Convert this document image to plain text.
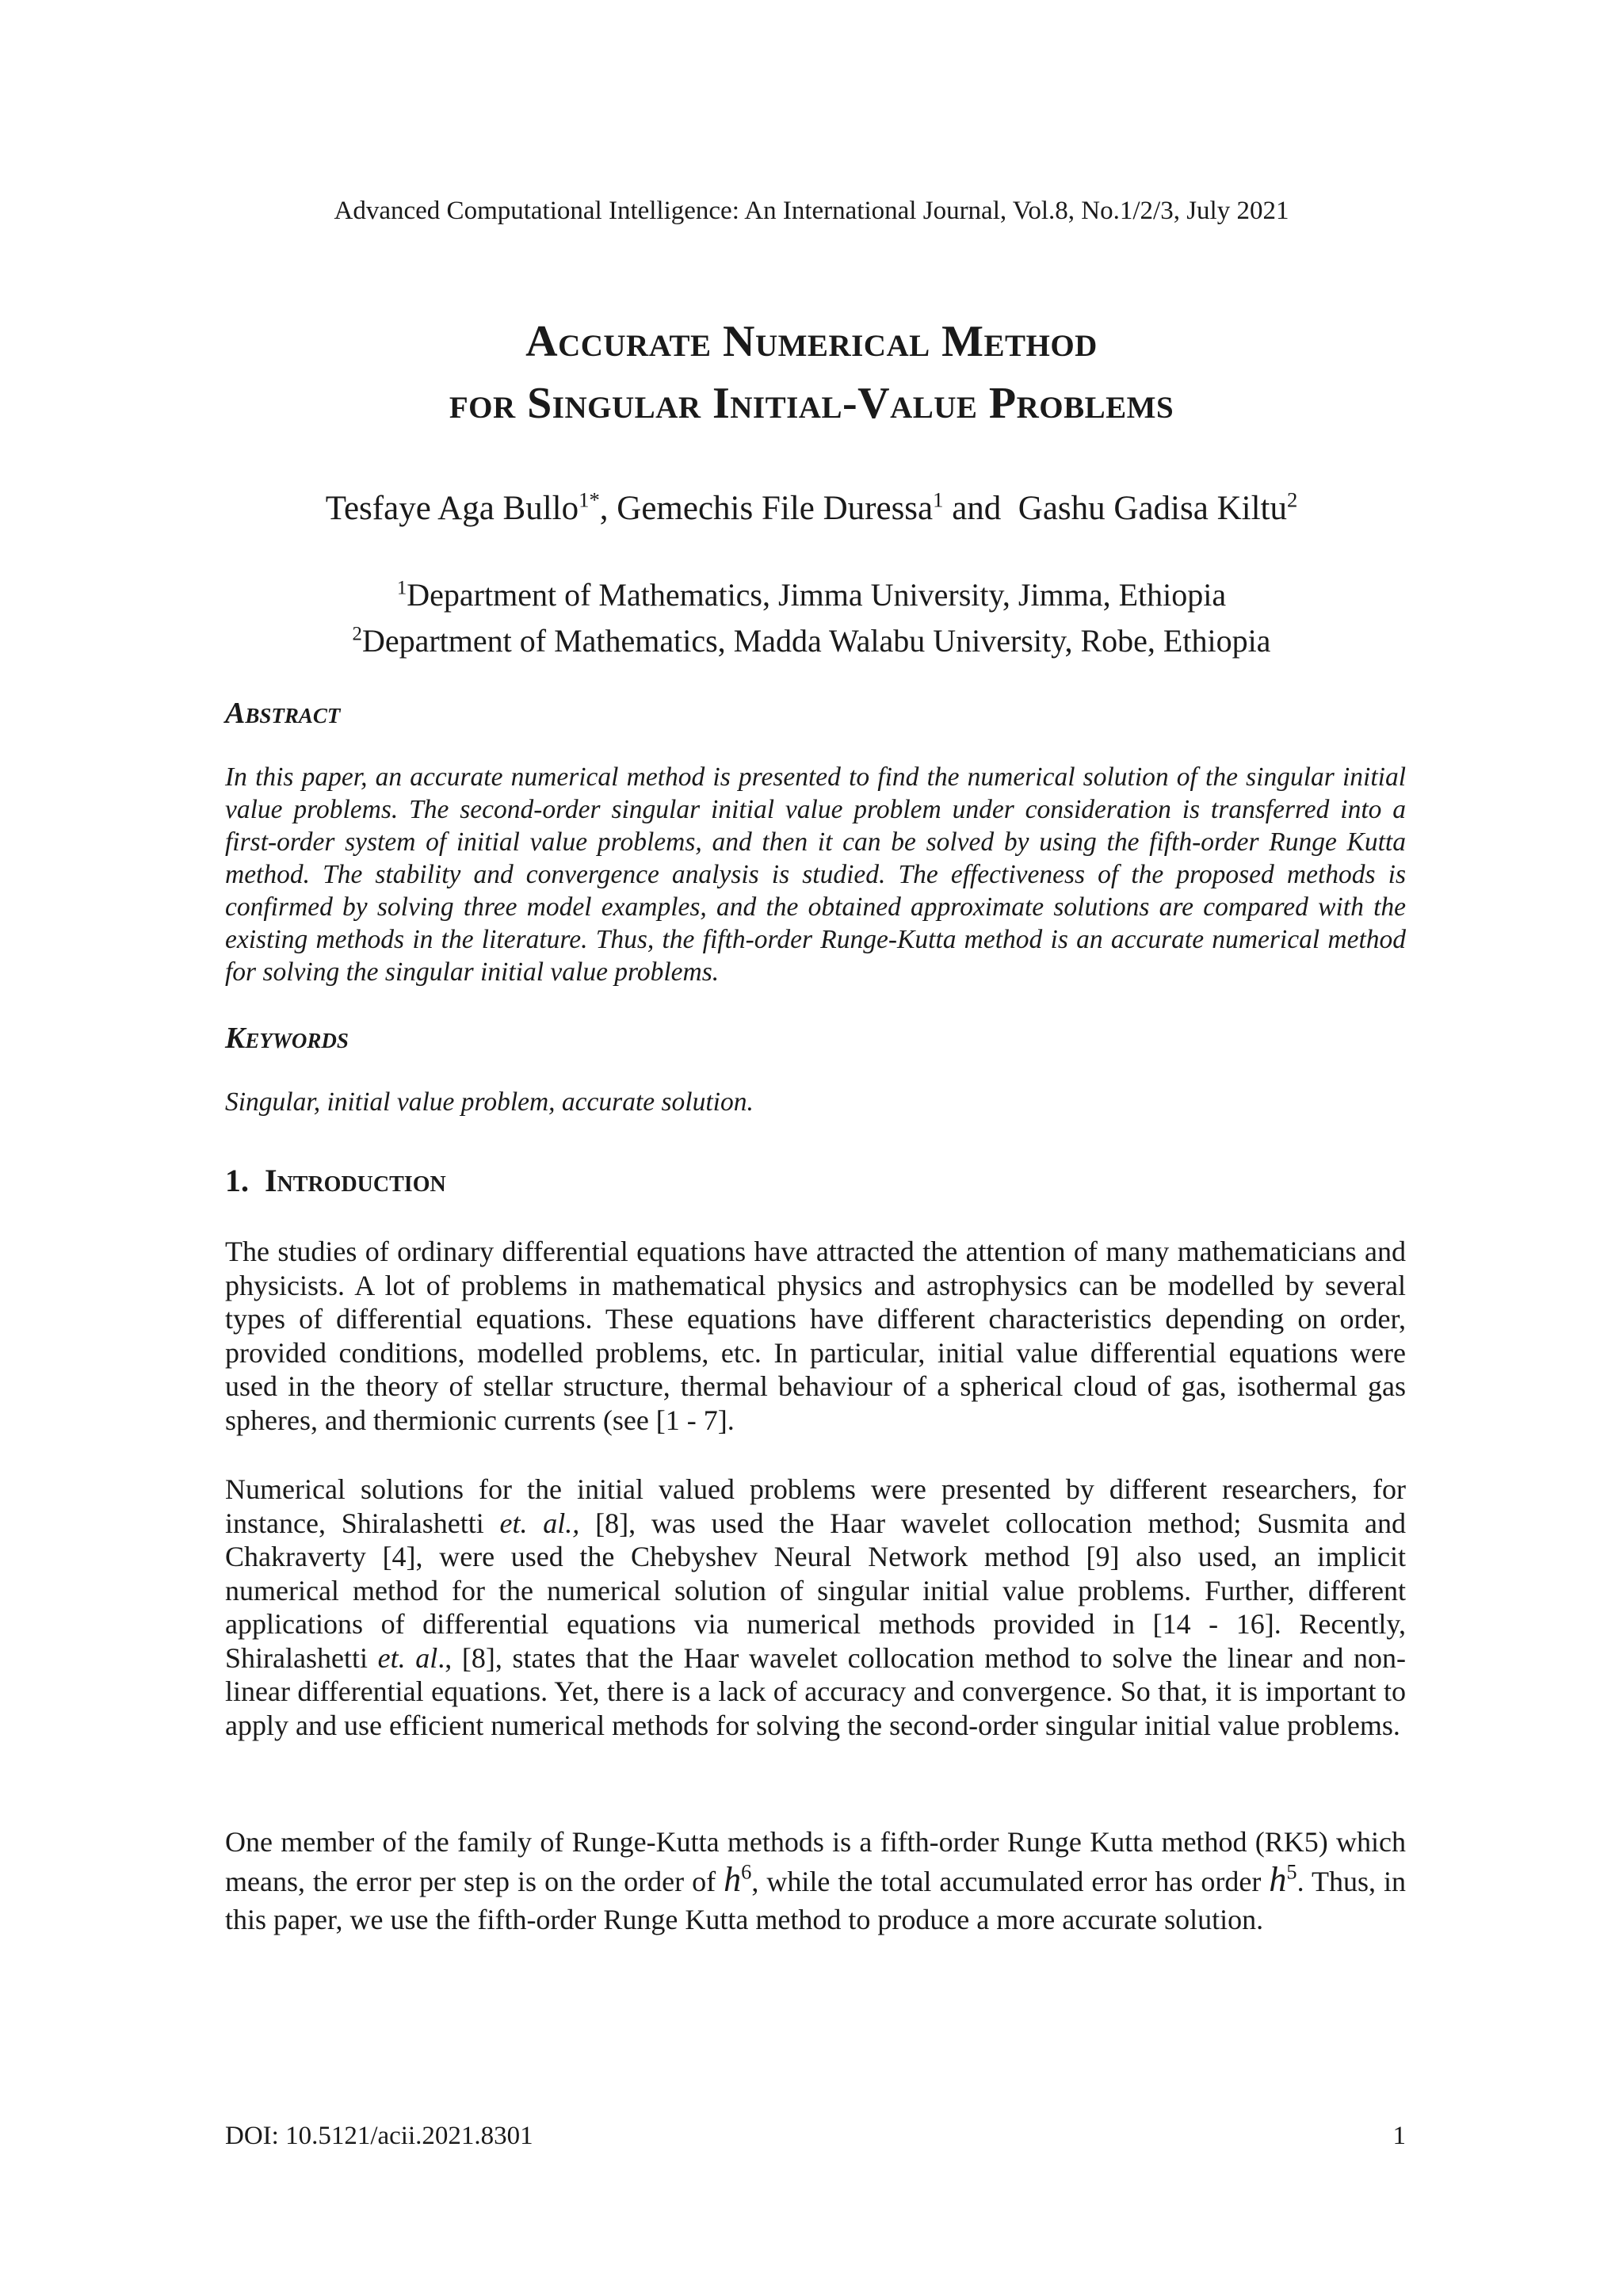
Advanced Computational Intelligence: An International Journal, Vol.8, No.1/2/3, July 2021
Accurate Numerical Method
for Singular Initial-Value Problems
Tesfaye Aga Bullo$^{1*}$, Gemechis File Duressa$^1$ and  Gashu Gadisa Kiltu$^2$
$^1$Department of Mathematics, Jimma University, Jimma, Ethiopia
$^2$Department of Mathematics, Madda Walabu University, Robe, Ethiopia
Abstract
In this paper, an accurate numerical method is presented to find the numerical solution of the singular initial value problems. The second-order singular initial value problem under consideration is transferred into a first-order system of initial value problems, and then it can be solved by using the fifth-order Runge Kutta method. The stability and convergence analysis is studied. The effectiveness of the proposed methods is confirmed by solving three model examples, and the obtained approximate solutions are compared with the existing methods in the literature. Thus, the fifth-order Runge-Kutta method is an accurate numerical method for solving the singular initial value problems.
Keywords
Singular, initial value problem, accurate solution.
1. Introduction
The studies of ordinary differential equations have attracted the attention of many mathematicians and physicists. A lot of problems in mathematical physics and astrophysics can be modelled by several types of differential equations. These equations have different characteristics depending on order, provided conditions, modelled problems, etc. In particular, initial value differential equations were used in the theory of stellar structure, thermal behaviour of a spherical cloud of gas, isothermal gas spheres, and thermionic currents (see [1 - 7].
Numerical solutions for the initial valued problems were presented by different researchers, for instance, Shiralashetti et. al., [8], was used the Haar wavelet collocation method; Susmita and Chakraverty [4], were used the Chebyshev Neural Network method [9] also used, an implicit numerical method for the numerical solution of singular initial value problems. Further, different applications of differential equations via numerical methods provided in [14 - 16]. Recently, Shiralashetti et. al., [8], states that the Haar wavelet collocation method to solve the linear and non-linear differential equations. Yet, there is a lack of accuracy and convergence. So that, it is important to apply and use efficient numerical methods for solving the second-order singular initial value problems.
One member of the family of Runge-Kutta methods is a fifth-order Runge Kutta method (RK5) which means, the error per step is on the order of $h^6$, while the total accumulated error has order $h^5$. Thus, in this paper, we use the fifth-order Runge Kutta method to produce a more accurate solution.
DOI: 10.5121/acii.2021.8301	1
